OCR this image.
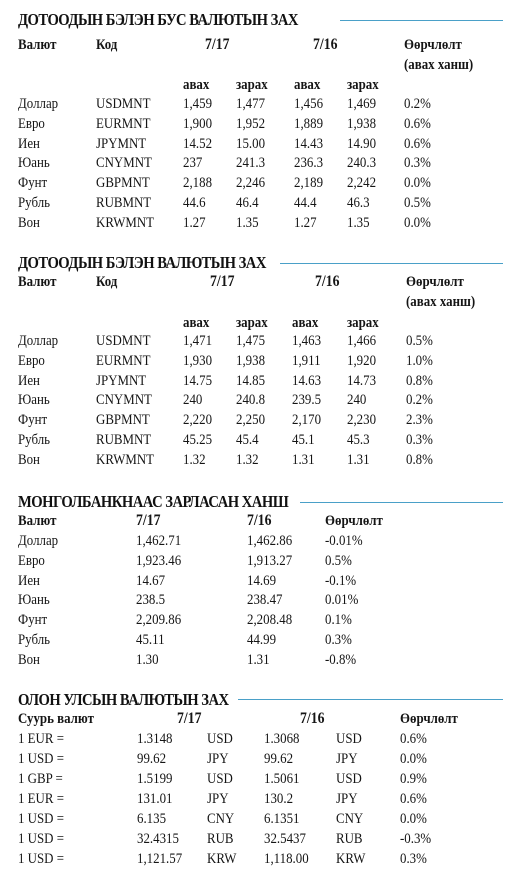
ДОТООДЫН БЭЛЭН БУС ВАЛЮТЫН ЗАХ
Валют	Код	7/17	7/16	Өөрчлөлт
(авах ханш)
авах зарах авах зарах
Доллар	USDMNT 1,459 1,477 1,456 1,469 0.2%
Евро	EURMNT 1,900 1,952 1,889 1,938 0.6%
Иен	JPYMNT 14.52 15.00 14.43 14.90 0.6%
Юань	CNYMNT 237 241.3 236.3 240.3 0.3%
Фунт	GBPMNT 2,188 2,246 2,189 2,242 0.0%
Рубль	RUBMNT 44.6 46.4 44.4 46.3 0.5%
Вон	KRWMNT 1.27 1.35 1.27 1.35 0.0%
ДОТООДЫН БЭЛЭН ВАЛЮТЫН ЗАХ
Валют	Код	7/17	7/16	Өөрчлөлт
(авах ханш)
авах зарах авах зарах
Доллар	USDMNT 1,471 1,475 1,463 1,466 0.5%
Евро	EURMNT 1,930 1,938 1,911 1,920 1.0%
Иен	JPYMNT 14.75 14.85 14.63 14.73 0.8%
Юань	CNYMNT 240 240.8 239.5 240	0.2%
Фунт	GBPMNT 2,220 2,250 2,170 2,230 2.3%
Рубль	RUBMNT 45.25 45.4 45.1 45.3 0.3%
Вон	KRWMNT 1.32 1.32 1.31 1.31 0.8%
МОНГОЛБАНКНААС ЗАРЛАСАН ХАНШ
Валют	7/17	7/16	Өөрчлөлт
Доллар	1,462.71	1,462.86 -0.01%
Евро	1,923.46	1,913.27 0.5%
Иен	14.67	14.69	-0.1%
Юань	238.5	238.47	0.01%
Фунт	2,209.86	2,208.48 0.1%
Рубль	45.11	44.99	0.3%
Вон	1.30	1.31	-0.8%
ОЛОН УЛСЫН ВАЛЮТЫН ЗАХ
Суурь валют	7/17	7/16	Өөрчлөлт
1 EUR =	1.3148 USD 1.3068 USD	0.6%
1 USD =	99.62	JPY 99.62	JPY	0.0%
1 GBP =	1.5199 USD 1.5061 USD	0.9%
1 EUR =	131.01 JPY 130.2	JPY	0.6%
1 USD =	6.135	CNY 6.1351 CNY 0.0%
1 USD =	32.4315 RUB 32.5437 RUB -0.3%
1 USD =	1,121.57 KRW 1,118.00 KRW 0.3%
